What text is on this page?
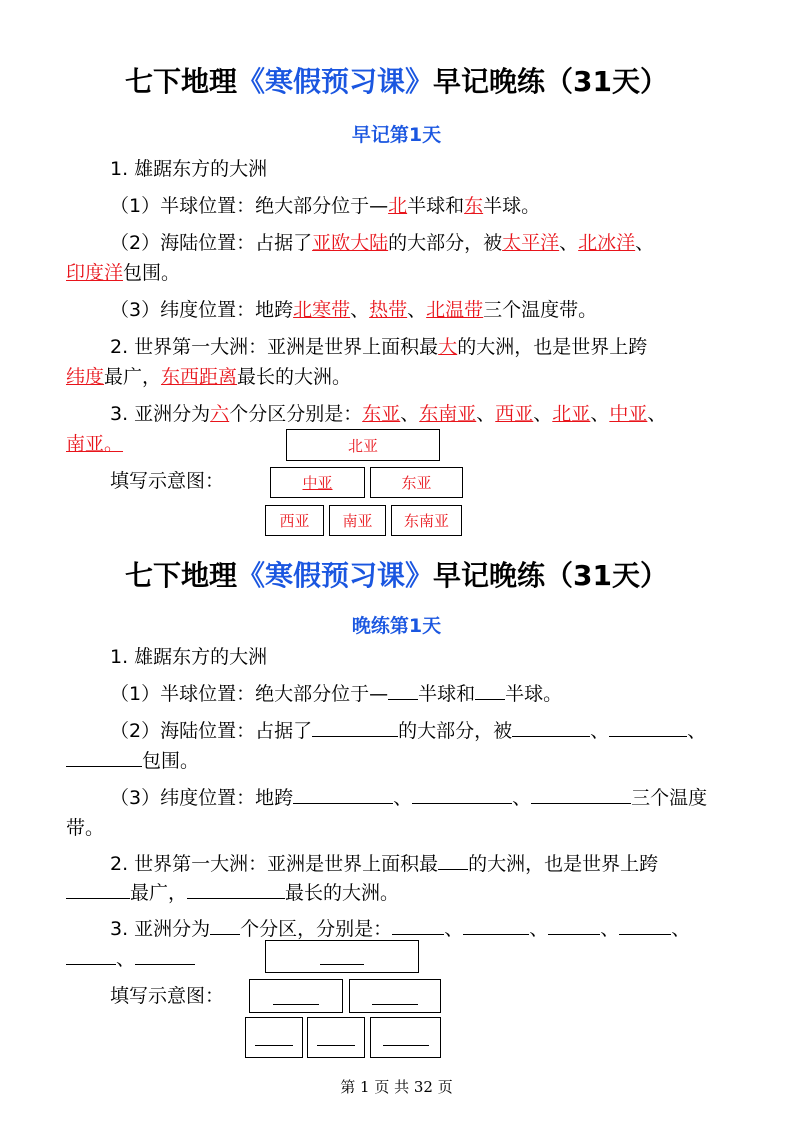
七下地理《寒假预习课》早记晚练（31天）
早记第1天
1. 雄踞东方的大洲
（1）半球位置：绝大部分位于—北半球和东半球。
（2）海陆位置：占据了亚欧大陆的大部分，被太平洋、北冰洋、
印度洋包围。
（3）纬度位置：地跨北寒带、热带、北温带三个温度带。
2. 世界第一大洲：亚洲是世界上面积最大的大洲，也是世界上跨
纬度最广，东西距离最长的大洲。
3. 亚洲分为六个分区分别是：东亚、东南亚、西亚、北亚、中亚、
南亚。
填写示意图：
北亚
中亚	东亚
西亚 南亚 东南亚
七下地理《寒假预习课》早记晚练（31天）
晚练第1天
1. 雄踞东方的大洲
（1）半球位置：绝大部分位于— 半球和 半球。
（2）海陆位置：占据了	的大部分，被	、	、
包围。
（3）纬度位置：地跨	、	、	三个温度
带。
2. 世界第一大洲：亚洲是世界上面积最 的大洲，也是世界上跨
最广，	最长的大洲。
3. 亚洲分为 个分区，分别是：	、	、	、	、
、
填写示意图：
第 1 页 共 32 页
